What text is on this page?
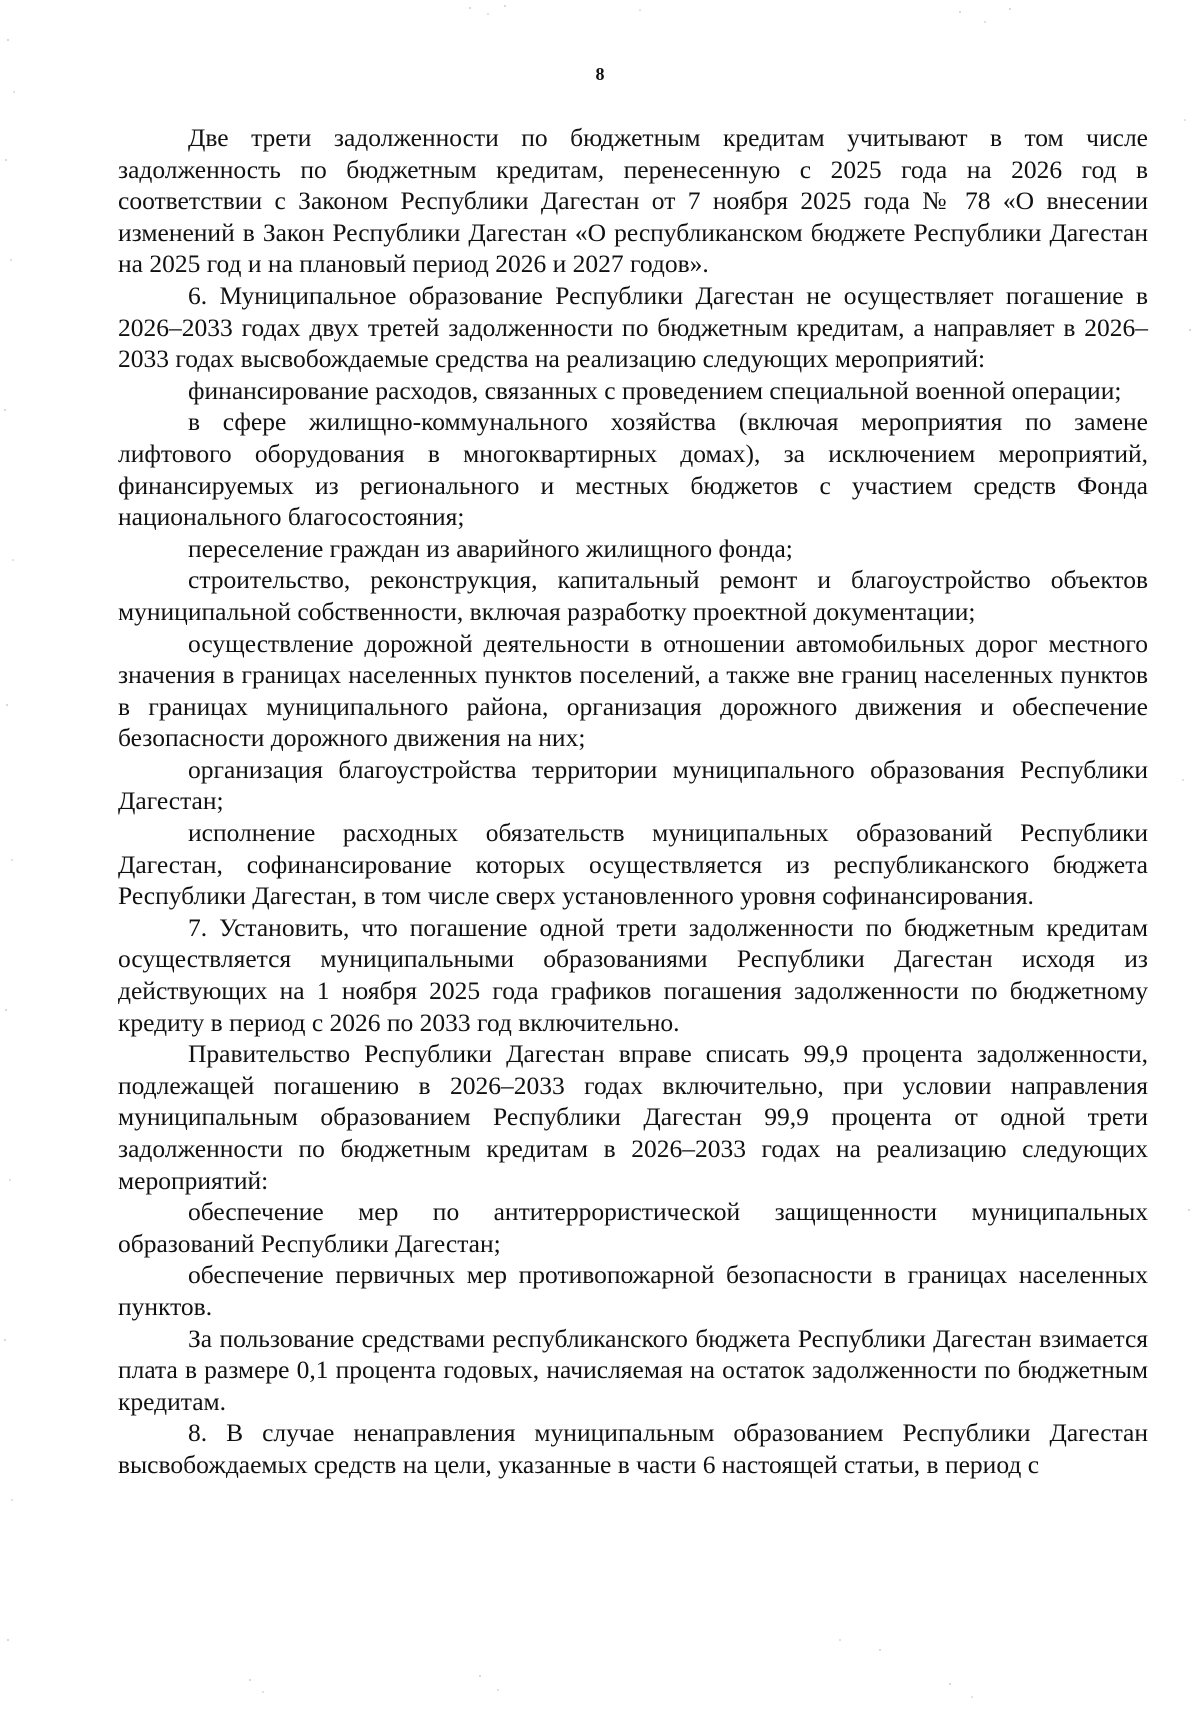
8

Две трети задолженности по бюджетным кредитам учитывают в том числе задолженность по бюджетным кредитам, перенесенную с 2025 года на 2026 год в соответствии с Законом Республики Дагестан от 7 ноября 2025 года № 78 «О внесении изменений в Закон Республики Дагестан «О республиканском бюджете Республики Дагестан на 2025 год и на плановый период 2026 и 2027 годов».

6. Муниципальное образование Республики Дагестан не осуществляет погашение в 2026–2033 годах двух третей задолженности по бюджетным кредитам, а направляет в 2026–2033 годах высвобождаемые средства на реализацию следующих мероприятий:

финансирование расходов, связанных с проведением специальной военной операции;

в сфере жилищно-коммунального хозяйства (включая мероприятия по замене лифтового оборудования в многоквартирных домах), за исключением мероприятий, финансируемых из регионального и местных бюджетов с участием средств Фонда национального благосостояния;

переселение граждан из аварийного жилищного фонда;

строительство, реконструкция, капитальный ремонт и благоустройство объектов муниципальной собственности, включая разработку проектной документации;

осуществление дорожной деятельности в отношении автомобильных дорог местного значения в границах населенных пунктов поселений, а также вне границ населенных пунктов в границах муниципального района, организация дорожного движения и обеспечение безопасности дорожного движения на них;

организация благоустройства территории муниципального образования Республики Дагестан;

исполнение расходных обязательств муниципальных образований Республики Дагестан, софинансирование которых осуществляется из республиканского бюджета Республики Дагестан, в том числе сверх установленного уровня софинансирования.

7. Установить, что погашение одной трети задолженности по бюджетным кредитам осуществляется муниципальными образованиями Республики Дагестан исходя из действующих на 1 ноября 2025 года графиков погашения задолженности по бюджетному кредиту в период с 2026 по 2033 год включительно.

Правительство Республики Дагестан вправе списать 99,9 процента задолженности, подлежащей погашению в 2026–2033 годах включительно, при условии направления муниципальным образованием Республики Дагестан 99,9 процента от одной трети задолженности по бюджетным кредитам в 2026–2033 годах на реализацию следующих мероприятий:

обеспечение мер по антитеррористической защищенности муниципальных образований Республики Дагестан;

обеспечение первичных мер противопожарной безопасности в границах населенных пунктов.

За пользование средствами республиканского бюджета Республики Дагестан взимается плата в размере 0,1 процента годовых, начисляемая на остаток задолженности по бюджетным кредитам.

8. В случае ненаправления муниципальным образованием Республики Дагестан высвобождаемых средств на цели, указанные в части 6 настоящей статьи, в период с
